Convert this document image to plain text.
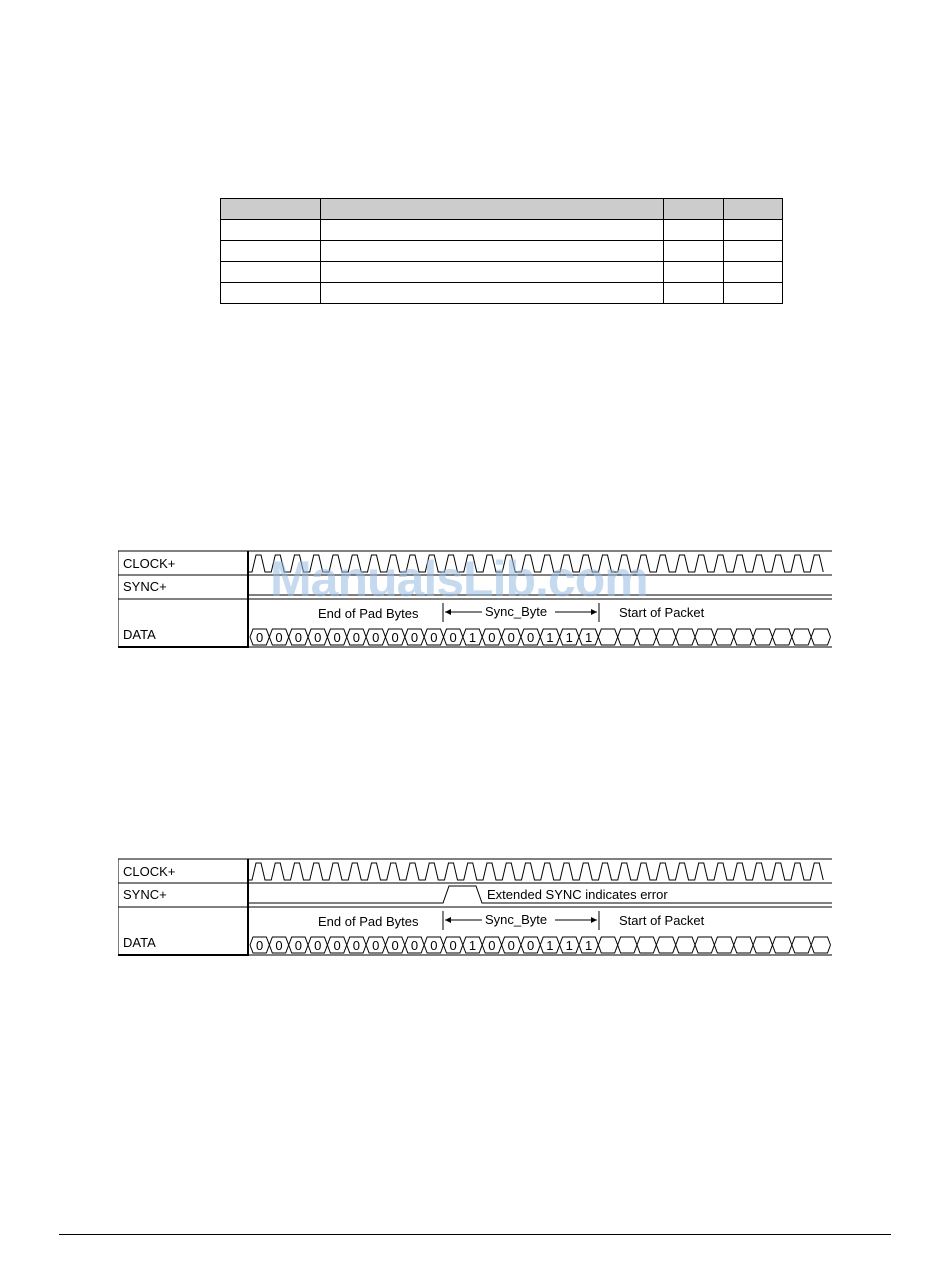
CLOCK+
SYNC+
DATA
End of Pad Bytes	Sync_Byte	Start of Packet
0 0 0 0 0 0 0 0 0 0 0 1 0 0 0 1 1 1
CLOCK+
SYNC+
DATA
Extended SYNC indicates error
End of Pad Bytes	Sync_Byte	Start of Packet
0 0 0 0 0 0 0 0 0 0 0 1 0 0 0 1 1 1
ManualsLib.com
